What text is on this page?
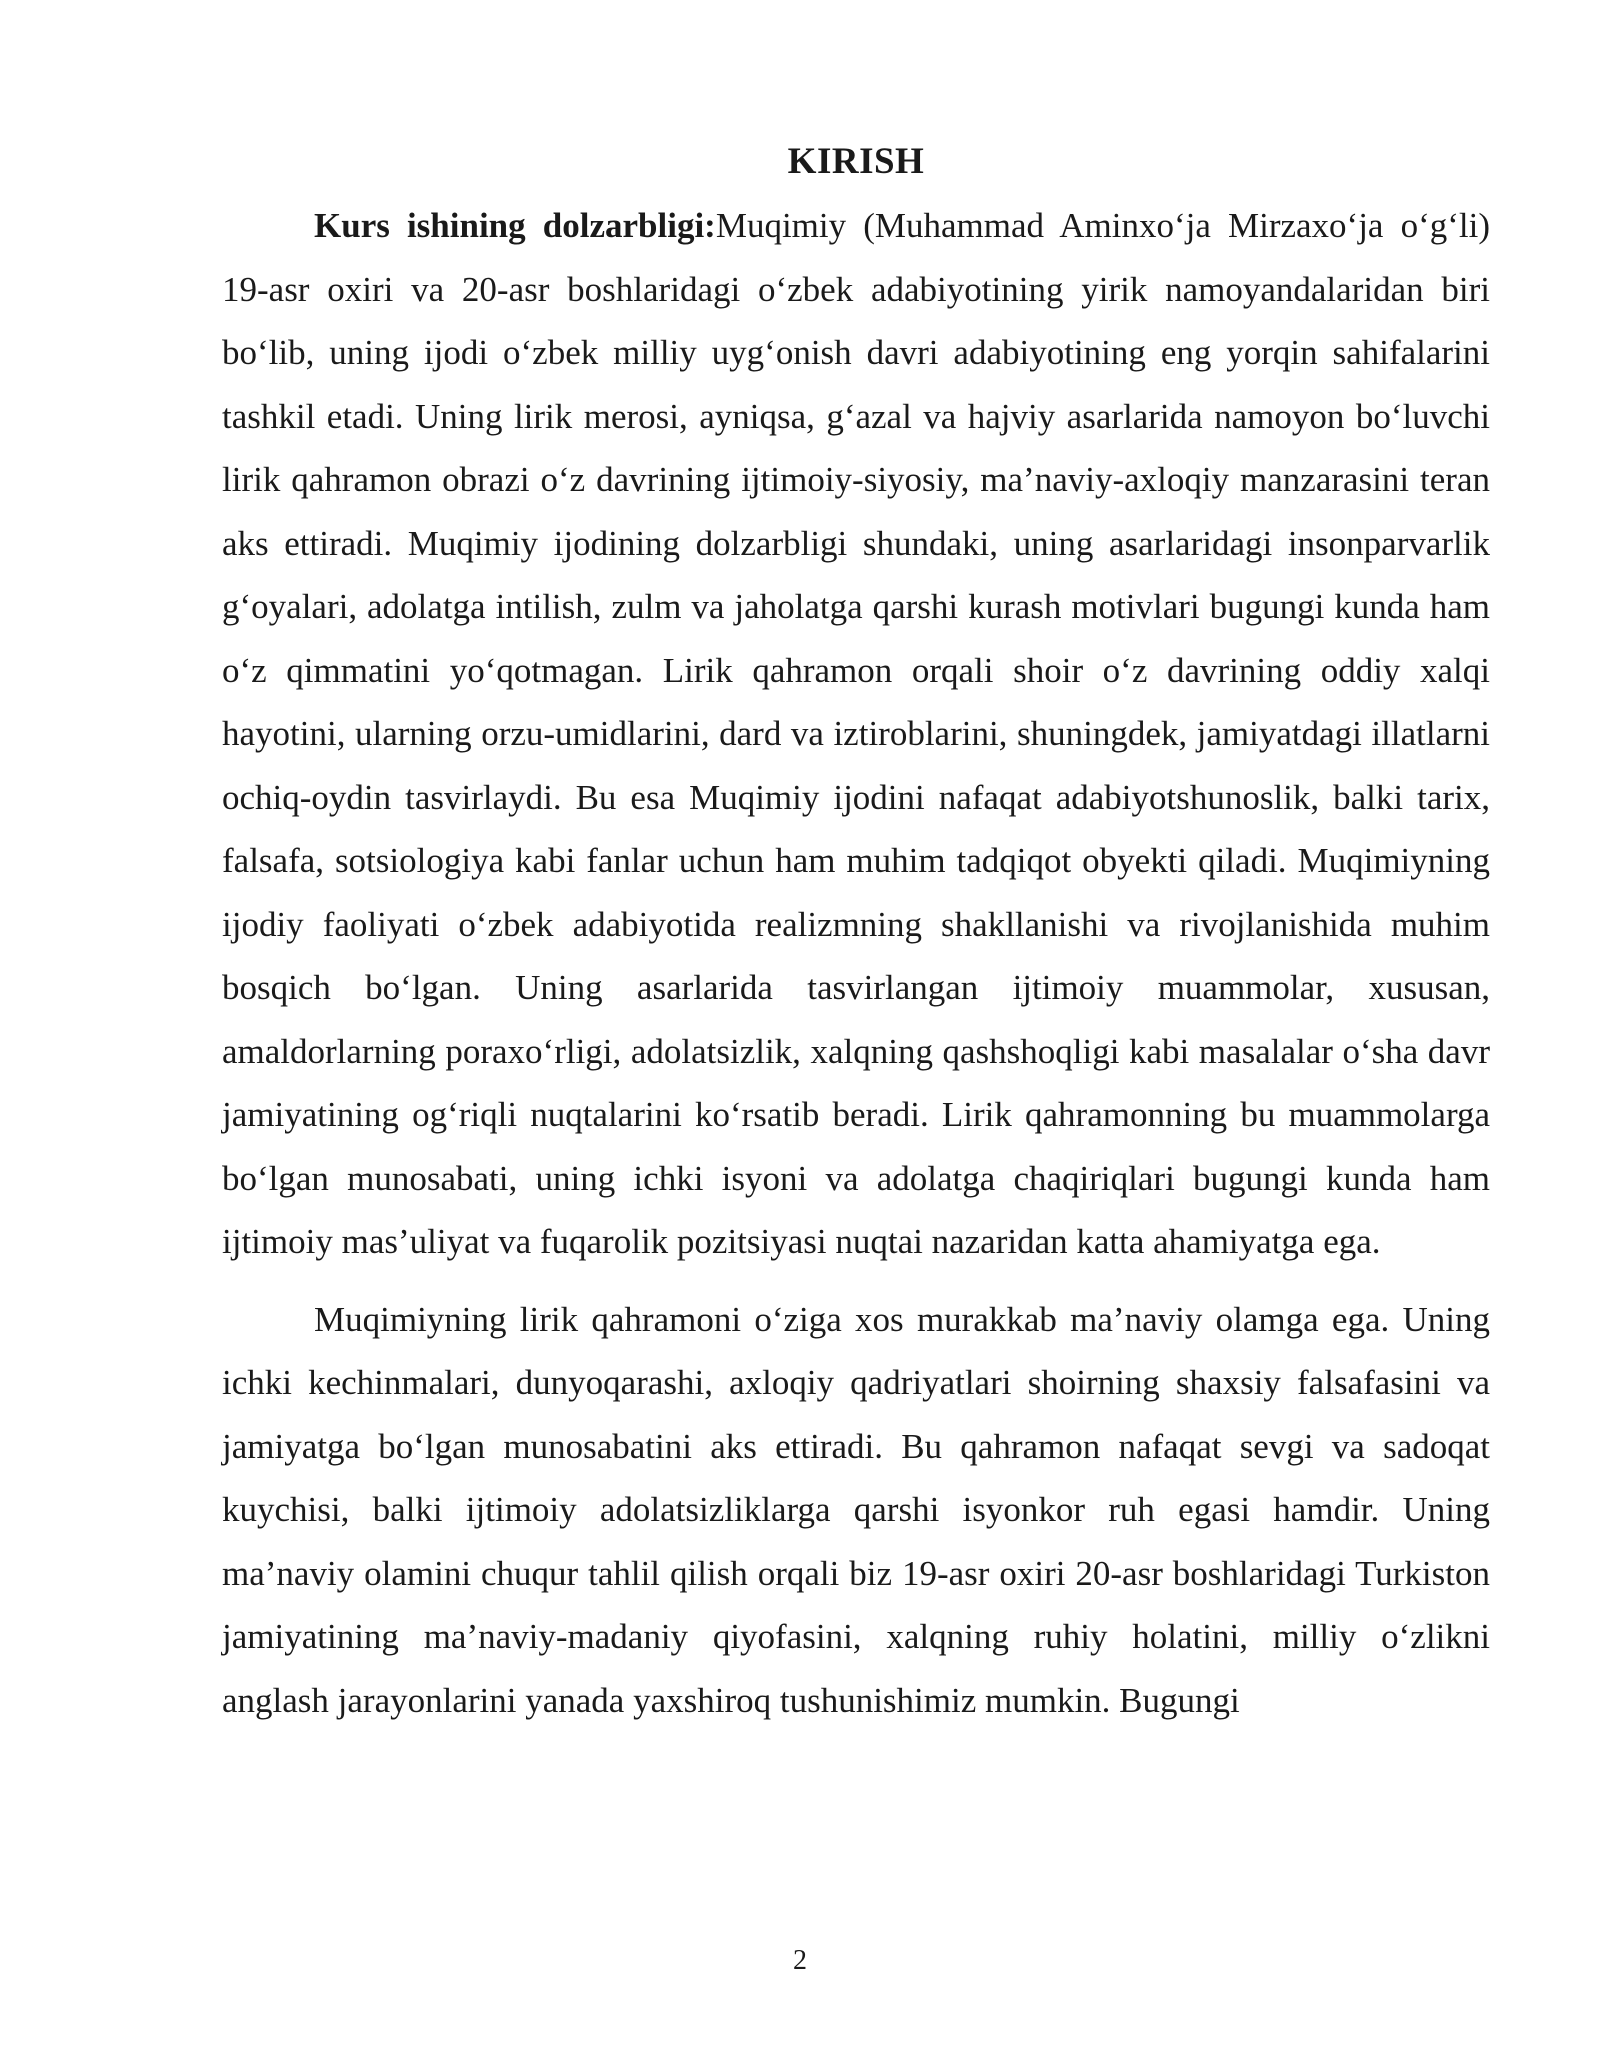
KIRISH

Kurs ishining dolzarbligi:Muqimiy (Muhammad Aminxo‘ja Mirzaxo‘ja o‘g‘li) 19-asr oxiri va 20-asr boshlaridagi o‘zbek adabiyotining yirik namoyandalaridan biri bo‘lib, uning ijodi o‘zbek milliy uyg‘onish davri adabiyotining eng yorqin sahifalarini tashkil etadi. Uning lirik merosi, ayniqsa, g‘azal va hajviy asarlarida namoyon bo‘luvchi lirik qahramon obrazi o‘z davrining ijtimoiy-siyosiy, ma’naviy-axloqiy manzarasini teran aks ettiradi. Muqimiy ijodining dolzarbligi shundaki, uning asarlaridagi insonparvarlik g‘oyalari, adolatga intilish, zulm va jaholatga qarshi kurash motivlari bugungi kunda ham o‘z qimmatini yo‘qotmagan. Lirik qahramon orqali shoir o‘z davrining oddiy xalqi hayotini, ularning orzu-umidlarini, dard va iztiroblarini, shuningdek, jamiyatdagi illatlarni ochiq-oydin tasvirlaydi. Bu esa Muqimiy ijodini nafaqat adabiyotshunoslik, balki tarix, falsafa, sotsiologiya kabi fanlar uchun ham muhim tadqiqot obyekti qiladi. Muqimiyning ijodiy faoliyati o‘zbek adabiyotida realizmning shakllanishi va rivojlanishida muhim bosqich bo‘lgan. Uning asarlarida tasvirlangan ijtimoiy muammolar, xususan, amaldorlarning poraxo‘rligi, adolatsizlik, xalqning qashshoqligi kabi masalalar o‘sha davr jamiyatining og‘riqli nuqtalarini ko‘rsatib beradi. Lirik qahramonning bu muammolarga bo‘lgan munosabati, uning ichki isyoni va adolatga chaqiriqlari bugungi kunda ham ijtimoiy mas’uliyat va fuqarolik pozitsiyasi nuqtai nazaridan katta ahamiyatga ega.

Muqimiyning lirik qahramoni o‘ziga xos murakkab ma’naviy olamga ega. Uning ichki kechinmalari, dunyoqarashi, axloqiy qadriyatlari shoirning shaxsiy falsafasini va jamiyatga bo‘lgan munosabatini aks ettiradi. Bu qahramon nafaqat sevgi va sadoqat kuychisi, balki ijtimoiy adolatsizliklarga qarshi isyonkor ruh egasi hamdir. Uning ma’naviy olamini chuqur tahlil qilish orqali biz 19-asr oxiri 20-asr boshlaridagi Turkiston jamiyatining ma’naviy-madaniy qiyofasini, xalqning ruhiy holatini, milliy o‘zlikni anglash jarayonlarini yanada yaxshiroq tushunishimiz mumkin. Bugungi

2
